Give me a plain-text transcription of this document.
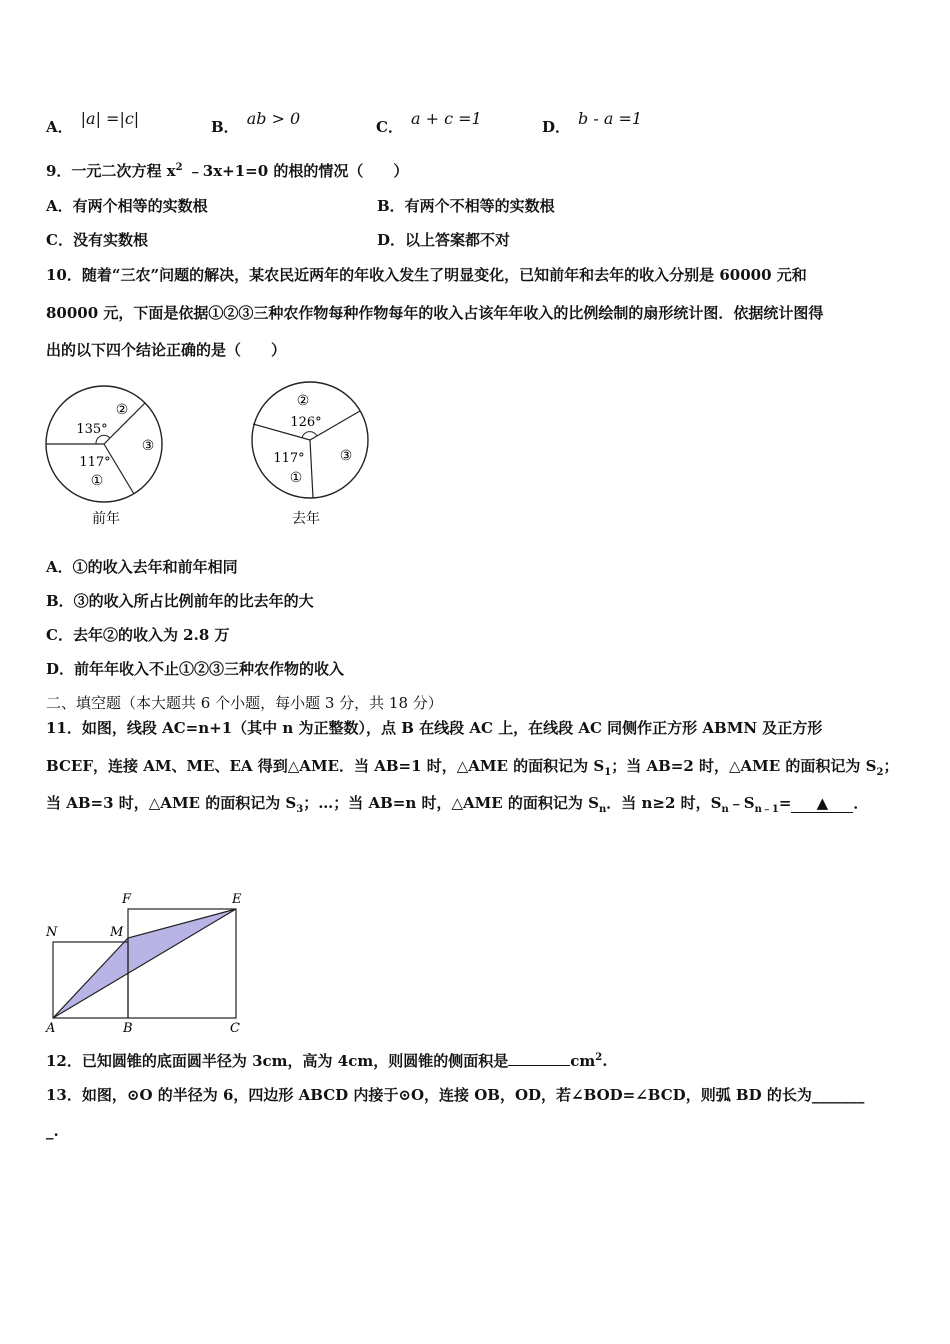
A． |a| =|c|	B． ab > 0	C． a + c =1	D． b - a =1
9．一元二次方程 $x^2$ ﹣3x+1=0 的根的情况（　　）
A．有两个相等的实数根	B．有两个不相等的实数根
C．没有实数根	D．以上答案都不对
10．随着“三农”问题的解决，某农民近两年的年收入发生了明显变化，已知前年和去年的收入分别是 60000 元和
80000 元，下面是依据①②③三种农作物每种作物每年的收入占该年年收入的比例绘制的扇形统计图．依据统计图得
出的以下四个结论正确的是（　　）
②
135°
③
117°
①
前年
②
126°
③
117°
①
去年
A．①的收入去年和前年相同
B．③的收入所占比例前年的比去年的大
C．去年②的收入为 2.8 万
D．前年年收入不止①②③三种农作物的收入
二、填空题（本大题共 6 个小题，每小题 3 分，共 18 分）
11．如图，线段 AC=n+1（其中 n 为正整数），点 B 在线段 AC 上，在线段 AC 同侧作正方形 ABMN 及正方形
BCEF，连接 AM、ME、EA 得到△AME．当 AB=1 时，△AME 的面积记为 $S_1$；当 AB=2 时，△AME 的面积记为 $S_2$；
当 AB=3 时，△AME 的面积记为 $S_3$；…；当 AB=n 时，△AME 的面积记为 $S_n$．当 n≥2 时，$S_n﹣S_{n﹣1}=$ ▲ ．
N	M
F	E
A	B	C
12．已知圆锥的底面圆半径为 3cm，高为 4cm，则圆锥的侧面积是	$cm^2$.
13．如图，⊙O 的半径为 6，四边形 ABCD 内接于⊙O，连接 OB，OD，若∠BOD=∠BCD，则弧 BD 的长为_______
_.
